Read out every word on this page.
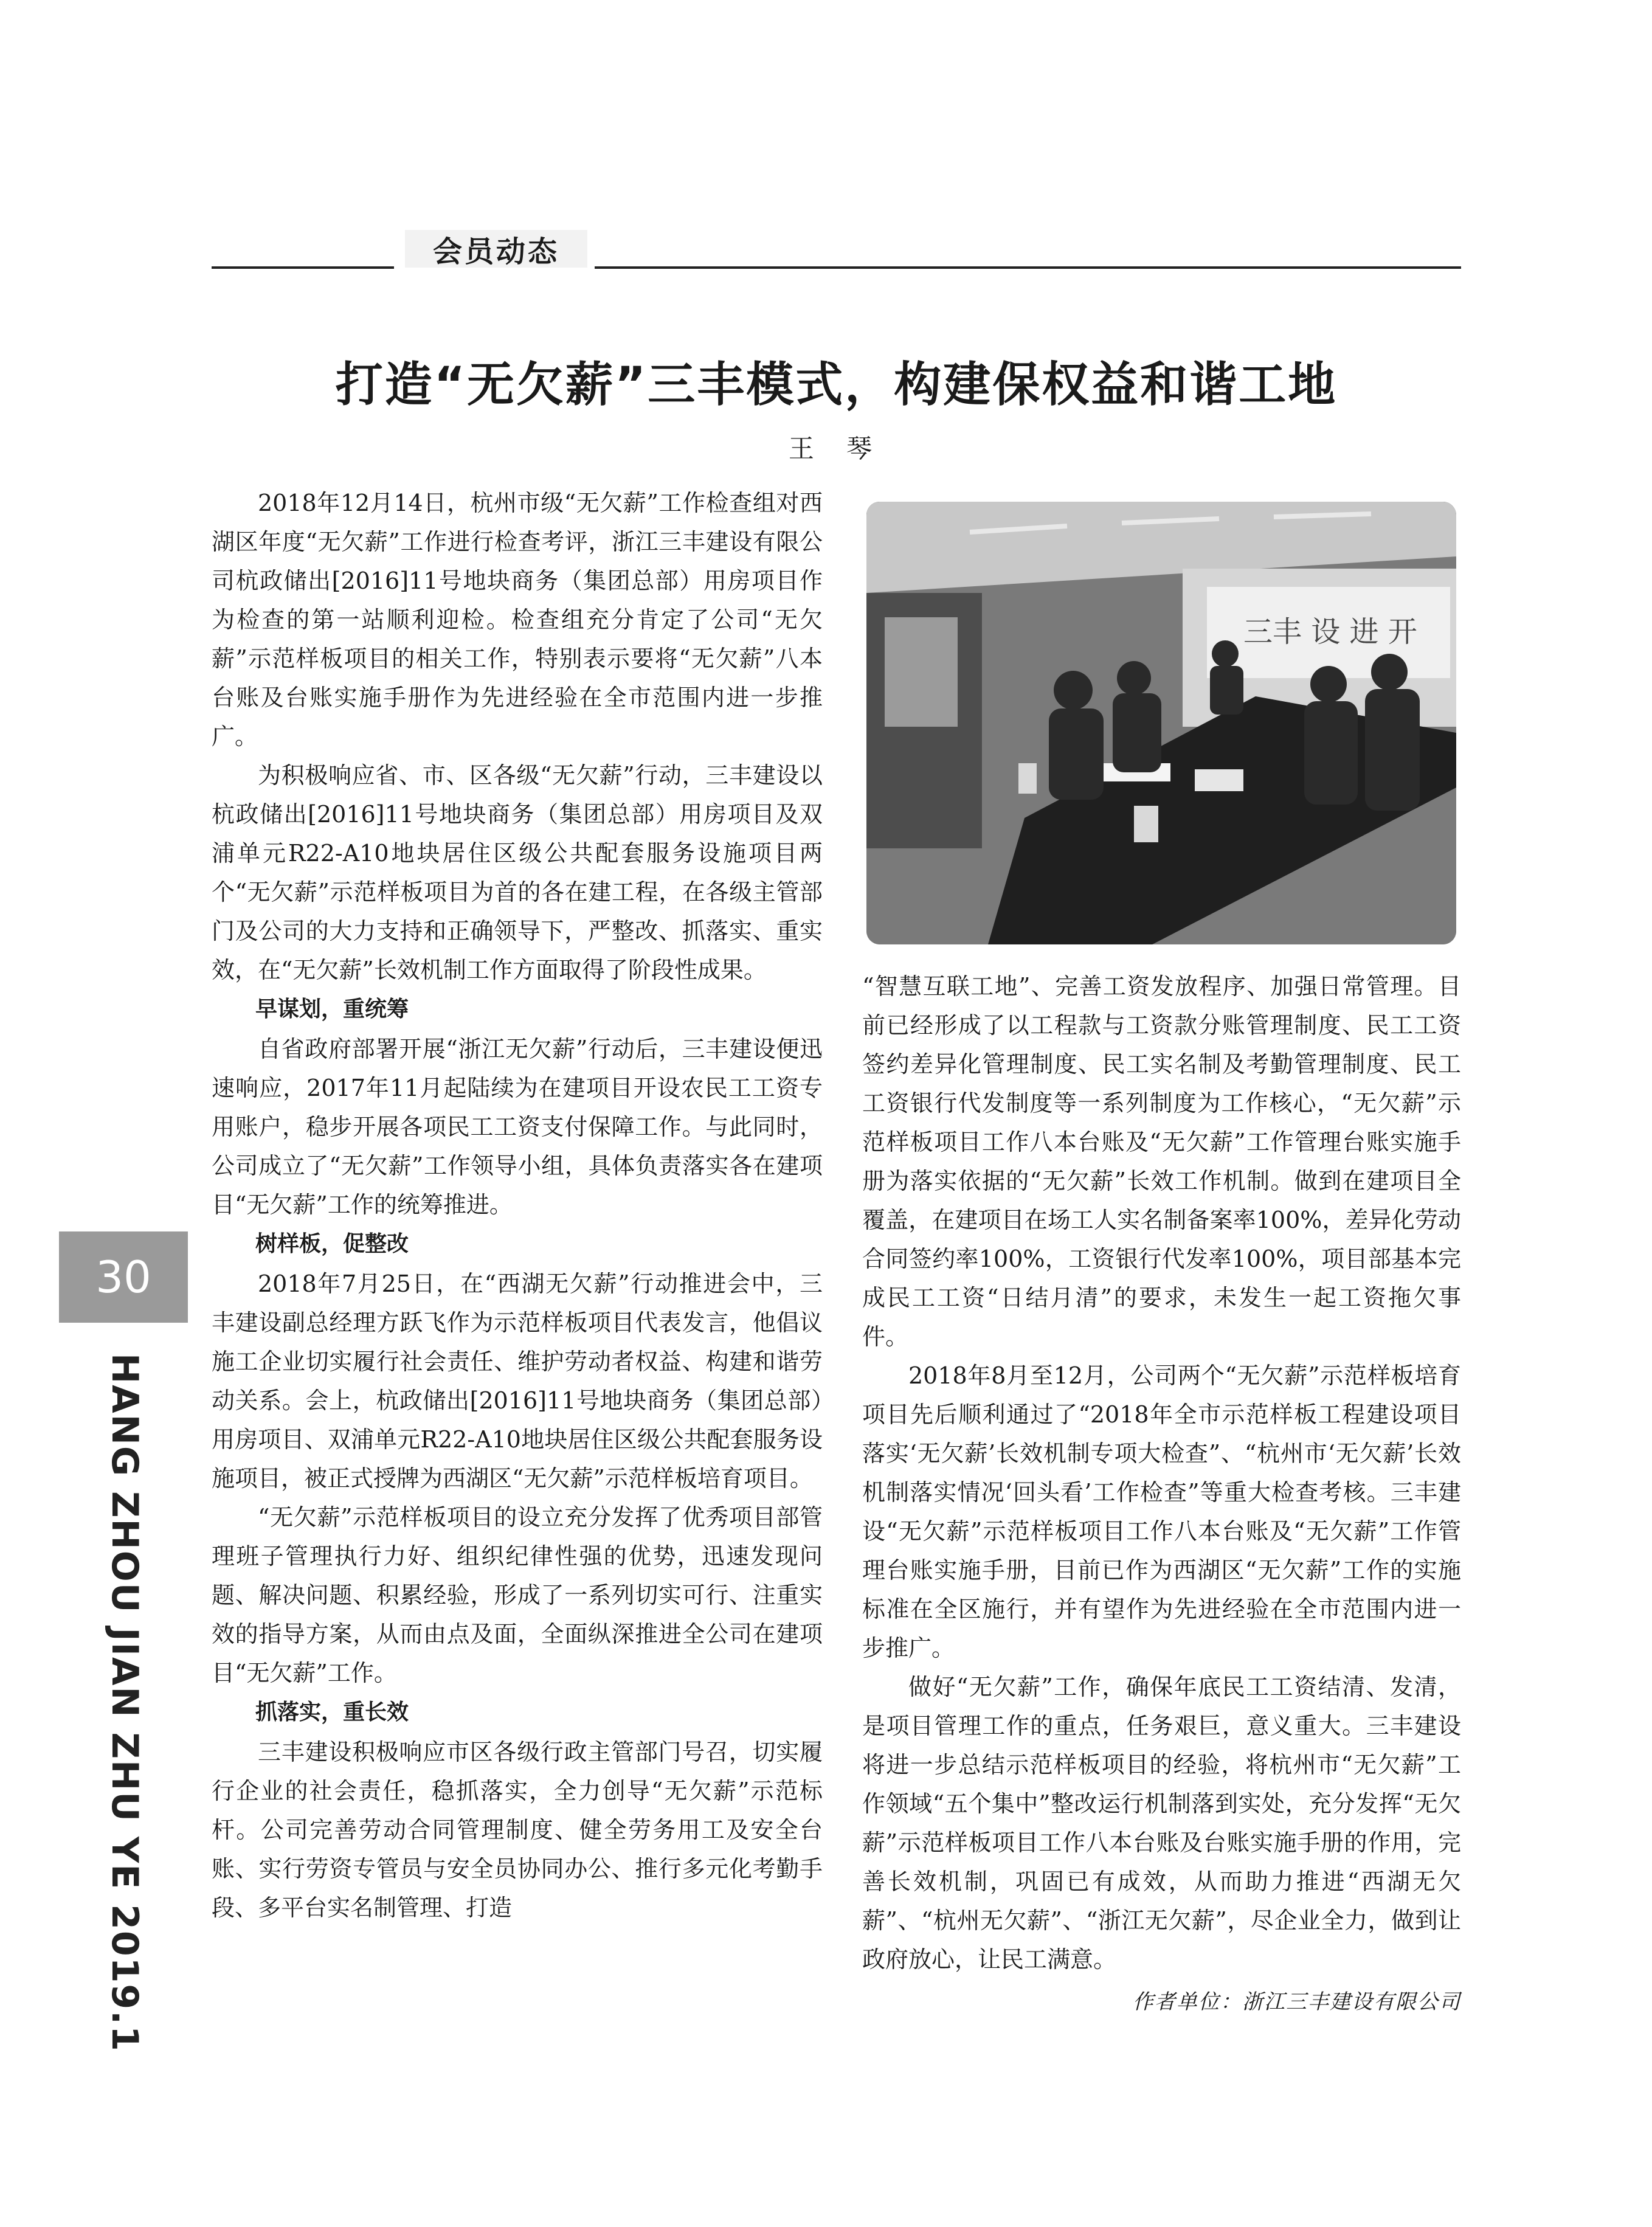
会员动态
打造“无欠薪”三丰模式，构建保权益和谐工地
王 琴

2018年12月14日，杭州市级“无欠薪”工作检查组对西湖区年度“无欠薪”工作进行检查考评，浙江三丰建设有限公司杭政储出[2016]11号地块商务（集团总部）用房项目作为检查的第一站顺利迎检。检查组充分肯定了公司“无欠薪”示范样板项目的相关工作，特别表示要将“无欠薪”八本台账及台账实施手册作为先进经验在全市范围内进一步推广。

为积极响应省、市、区各级“无欠薪”行动，三丰建设以杭政储出[2016]11号地块商务（集团总部）用房项目及双浦单元R22-A10地块居住区级公共配套服务设施项目两个“无欠薪”示范样板项目为首的各在建工程，在各级主管部门及公司的大力支持和正确领导下，严整改、抓落实、重实效，在“无欠薪”长效机制工作方面取得了阶段性成果。

早谋划，重统筹

自省政府部署开展“浙江无欠薪”行动后，三丰建设便迅速响应，2017年11月起陆续为在建项目开设农民工工资专用账户，稳步开展各项民工工资支付保障工作。与此同时，公司成立了“无欠薪”工作领导小组，具体负责落实各在建项目“无欠薪”工作的统筹推进。

树样板，促整改

2018年7月25日，在“西湖无欠薪”行动推进会中，三丰建设副总经理方跃飞作为示范样板项目代表发言，他倡议施工企业切实履行社会责任、维护劳动者权益、构建和谐劳动关系。会上，杭政储出[2016]11号地块商务（集团总部）用房项目、双浦单元R22-A10地块居住区级公共配套服务设施项目，被正式授牌为西湖区“无欠薪”示范样板培育项目。

“无欠薪”示范样板项目的设立充分发挥了优秀项目部管理班子管理执行力好、组织纪律性强的优势，迅速发现问题、解决问题、积累经验，形成了一系列切实可行、注重实效的指导方案，从而由点及面，全面纵深推进全公司在建项目“无欠薪”工作。

抓落实，重长效

三丰建设积极响应市区各级行政主管部门号召，切实履行企业的社会责任，稳抓落实，全力创导“无欠薪”示范标杆。公司完善劳动合同管理制度、健全劳务用工及安全台账、实行劳资专管员与安全员协同办公、推行多元化考勤手段、多平台实名制管理、打造

三丰 设 进 开

“智慧互联工地”、完善工资发放程序、加强日常管理。目前已经形成了以工程款与工资款分账管理制度、民工工资签约差异化管理制度、民工实名制及考勤管理制度、民工工资银行代发制度等一系列制度为工作核心，“无欠薪”示范样板项目工作八本台账及“无欠薪”工作管理台账实施手册为落实依据的“无欠薪”长效工作机制。做到在建项目全覆盖，在建项目在场工人实名制备案率100%，差异化劳动合同签约率100%，工资银行代发率100%，项目部基本完成民工工资“日结月清”的要求，未发生一起工资拖欠事件。

2018年8月至12月，公司两个“无欠薪”示范样板培育项目先后顺利通过了“2018年全市示范样板工程建设项目落实‘无欠薪’长效机制专项大检查”、“杭州市‘无欠薪’长效机制落实情况‘回头看’工作检查”等重大检查考核。三丰建设“无欠薪”示范样板项目工作八本台账及“无欠薪”工作管理台账实施手册，目前已作为西湖区“无欠薪”工作的实施标准在全区施行，并有望作为先进经验在全市范围内进一步推广。

做好“无欠薪”工作，确保年底民工工资结清、发清，是项目管理工作的重点，任务艰巨，意义重大。三丰建设将进一步总结示范样板项目的经验，将杭州市“无欠薪”工作领域“五个集中”整改运行机制落到实处，充分发挥“无欠薪”示范样板项目工作八本台账及台账实施手册的作用，完善长效机制，巩固已有成效，从而助力推进“西湖无欠薪”、“杭州无欠薪”、“浙江无欠薪”，尽企业全力，做到让政府放心，让民工满意。

作者单位：浙江三丰建设有限公司
30
HANG ZHOU JIAN ZHU YE 2019.1
